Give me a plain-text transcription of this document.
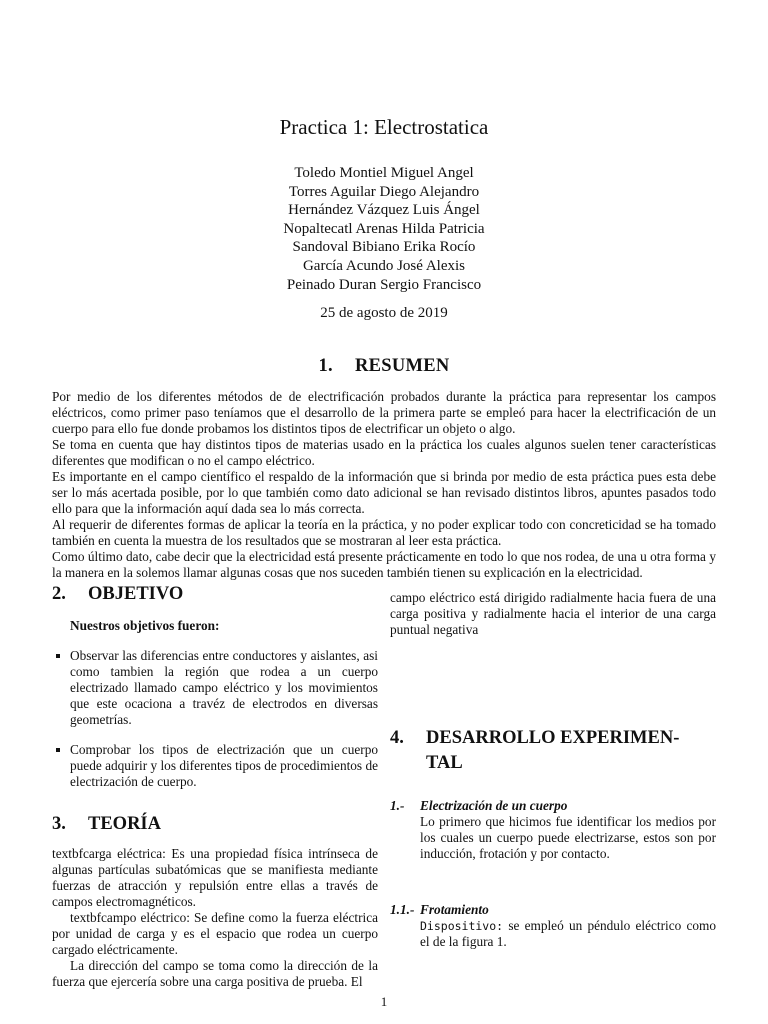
Practica 1: Electrostatica
Toledo Montiel Miguel Angel
Torres Aguilar Diego Alejandro
Hernández Vázquez Luis Ángel
Nopaltecatl Arenas Hilda Patricia
Sandoval Bibiano Erika Rocío
García Acundo José Alexis
Peinado Duran Sergio Francisco
25 de agosto de 2019
1. RESUMEN

Por medio de los diferentes métodos de de electrificación probados durante la práctica para representar los campos eléctricos, como primer paso teníamos que el desarrollo de la primera parte se empleó para hacer la electrificación de un cuerpo para ello fue donde probamos los distintos tipos de electrificar un objeto o algo.

Se toma en cuenta que hay distintos tipos de materias usado en la práctica los cuales algunos suelen tener características diferentes que modifican o no el campo eléctrico.

Es importante en el campo científico el respaldo de la información que si brinda por medio de esta práctica pues esta debe ser lo más acertada posible, por lo que también como dato adicional se han revisado distintos libros, apuntes pasados todo ello para que la información aquí dada sea lo más correcta.

Al requerir de diferentes formas de aplicar la teoría en la práctica, y no poder explicar todo con concreticidad se ha tomado también en cuenta la muestra de los resultados que se mostraran al leer esta práctica.

Como último dato, cabe decir que la electricidad está presente prácticamente en todo lo que nos rodea, de una u otra forma y la manera en la solemos llamar algunas cosas que nos suceden también tienen su explicación en la electricidad.

2. OBJETIVO
Nuestros objetivos fueron:
Observar las diferencias entre conductores y aislantes, asi como tambien la región que rodea a un cuerpo electrizado llamado campo eléctrico y los movimientos que este ocaciona a travéz de electrodos en diversas geometrías.
Comprobar los tipos de electrización que un cuerpo puede adquirir y los diferentes tipos de procedimientos de electrización de cuerpo.
3. TEORÍA

textbfcarga eléctrica: Es una propiedad física intrínseca de algunas partículas subatómicas que se manifiesta mediante fuerzas de atracción y repulsión entre ellas a través de campos electromagnéticos.

textbfcampo eléctrico: Se define como la fuerza eléctrica por unidad de carga y es el espacio que rodea un cuerpo cargado eléctricamente.

La dirección del campo se toma como la dirección de la fuerza que ejercería sobre una carga positiva de prueba. El

campo eléctrico está dirigido radialmente hacia fuera de una carga positiva y radialmente hacia el interior de una carga puntual negativa

4. DESARROLLO EXPERIMEN-
TAL
1.- Electrización de un cuerpo

Lo primero que hicimos fue identificar los medios por los cuales un cuerpo puede electrizarse, estos son por inducción, frotación y por contacto.

1.1.- Frotamiento

Dispositivo: se empleó un péndulo eléctrico como el de la figura 1.

1
